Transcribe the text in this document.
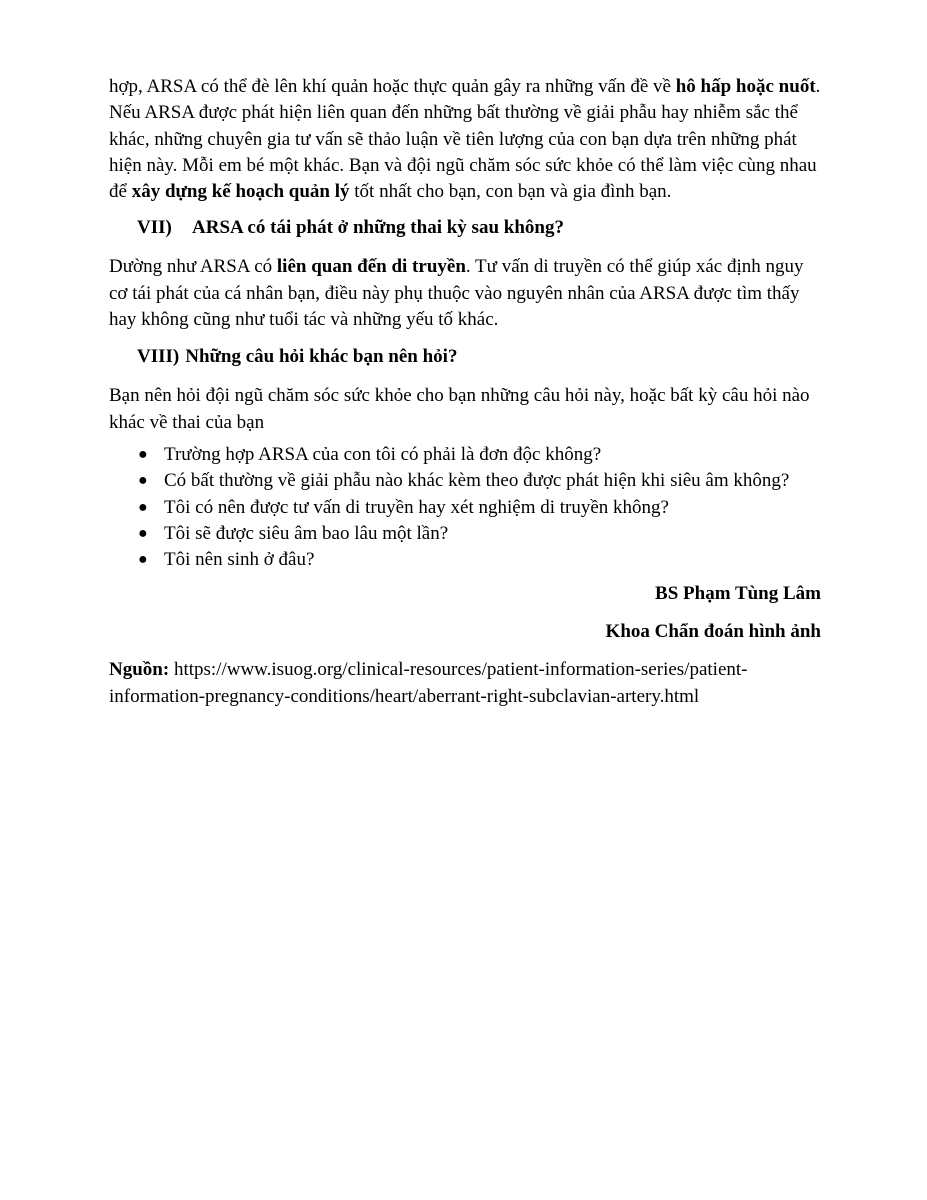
hợp, ARSA có thể đè lên khí quản hoặc thực quản gây ra những vấn đề về hô hấp hoặc nuốt. Nếu ARSA được phát hiện liên quan đến những bất thường về giải phẫu hay nhiễm sắc thể khác, những chuyên gia tư vấn sẽ thảo luận về tiên lượng của con bạn dựa trên những phát hiện này. Mỗi em bé một khác. Bạn và đội ngũ chăm sóc sức khỏe có thể làm việc cùng nhau để xây dựng kế hoạch quản lý tốt nhất cho bạn, con bạn và gia đình bạn.

VII)	ARSA có tái phát ở những thai kỳ sau không?

Dường như ARSA có liên quan đến di truyền. Tư vấn di truyền có thể giúp xác định nguy cơ tái phát của cá nhân bạn, điều này phụ thuộc vào nguyên nhân của ARSA được tìm thấy hay không cũng như tuổi tác và những yếu tố khác.

VIII) Những câu hỏi khác bạn nên hỏi?

Bạn nên hỏi đội ngũ chăm sóc sức khỏe cho bạn những câu hỏi này, hoặc bất kỳ câu hỏi nào khác về thai của bạn

● Trường hợp ARSA của con tôi có phải là đơn độc không?
● Có bất thường về giải phẫu nào khác kèm theo được phát hiện khi siêu âm không?
● Tôi có nên được tư vấn di truyền hay xét nghiệm di truyền không?
● Tôi sẽ được siêu âm bao lâu một lần?
● Tôi nên sinh ở đâu?

BS Phạm Tùng Lâm

Khoa Chẩn đoán hình ảnh

Nguồn: https://www.isuog.org/clinical-resources/patient-information-series/patient-information-pregnancy-conditions/heart/aberrant-right-subclavian-artery.html
